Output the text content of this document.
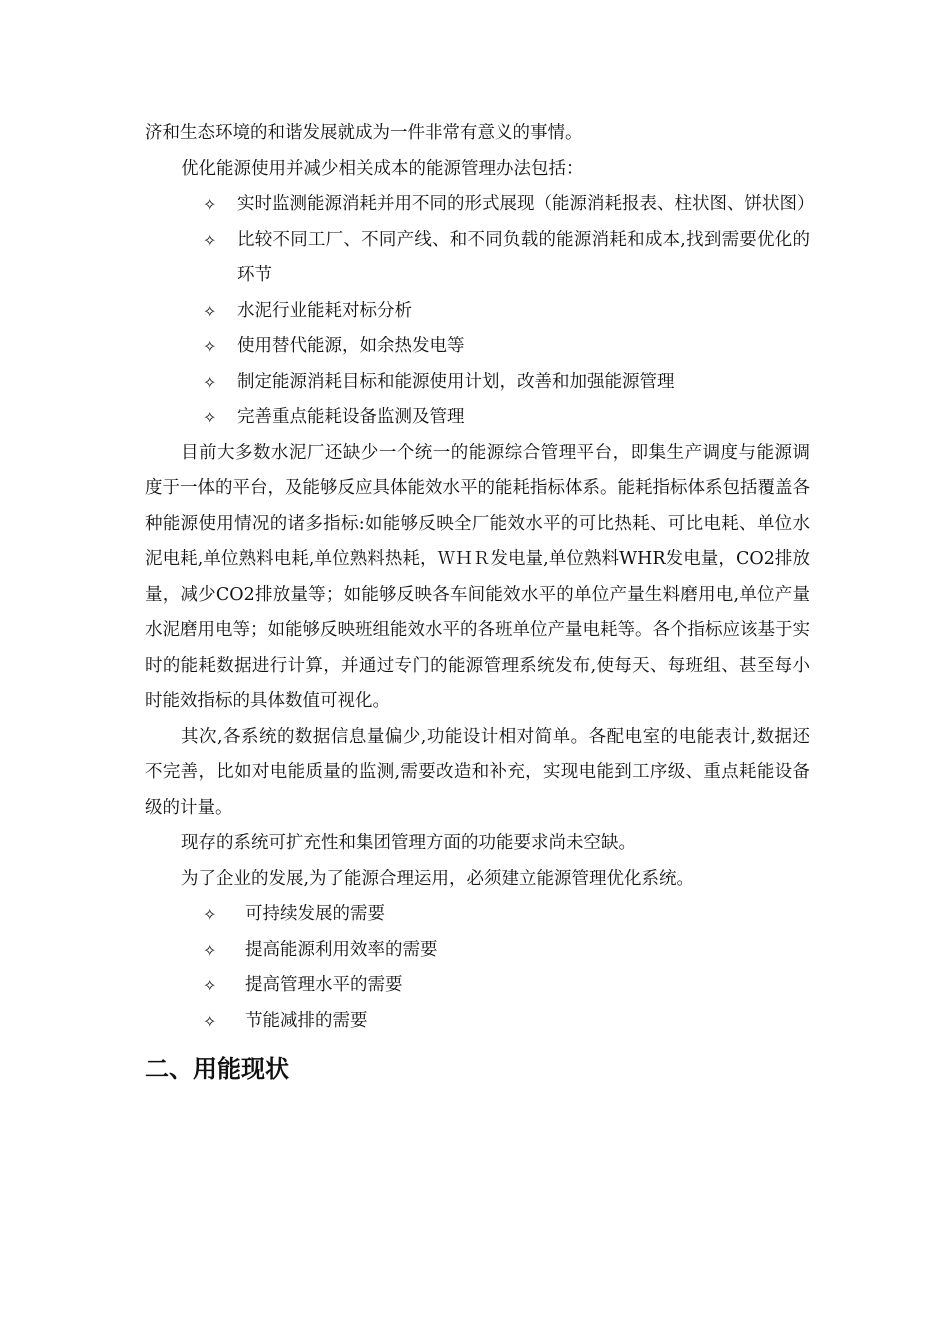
济和生态环境的和谐发展就成为一件非常有意义的事情。
优化能源使用并减少相关成本的能源管理办法包括：
✧	实时监测能源消耗并用不同的形式展现（能源消耗报表、柱状图、饼状图）
✧	比较不同工厂、不同产线、和不同负载的能源消耗和成本,找到需要优化的环节
✧	水泥行业能耗对标分析
✧	使用替代能源，如余热发电等
✧	制定能源消耗目标和能源使用计划，改善和加强能源管理
✧	完善重点能耗设备监测及管理
目前大多数水泥厂还缺少一个统一的能源综合管理平台，即集生产调度与能源调度于一体的平台，及能够反应具体能效水平的能耗指标体系。能耗指标体系包括覆盖各种能源使用情况的诸多指标:如能够反映全厂能效水平的可比热耗、可比电耗、单位水泥电耗,单位熟料电耗,单位熟料热耗，ＷＨＲ发电量,单位熟料WHR发电量，CO2排放量，减少CO2排放量等；如能够反映各车间能效水平的单位产量生料磨用电,单位产量水泥磨用电等；如能够反映班组能效水平的各班单位产量电耗等。各个指标应该基于实时的能耗数据进行计算，并通过专门的能源管理系统发布,使每天、每班组、甚至每小时能效指标的具体数值可视化。
其次,各系统的数据信息量偏少,功能设计相对简单。各配电室的电能表计,数据还不完善，比如对电能质量的监测,需要改造和补充，实现电能到工序级、重点耗能设备级的计量。
现存的系统可扩充性和集团管理方面的功能要求尚未空缺。
为了企业的发展,为了能源合理运用，必须建立能源管理优化系统。
✧	可持续发展的需要
✧	提高能源利用效率的需要
✧	提高管理水平的需要
✧	节能减排的需要
二、用能现状
